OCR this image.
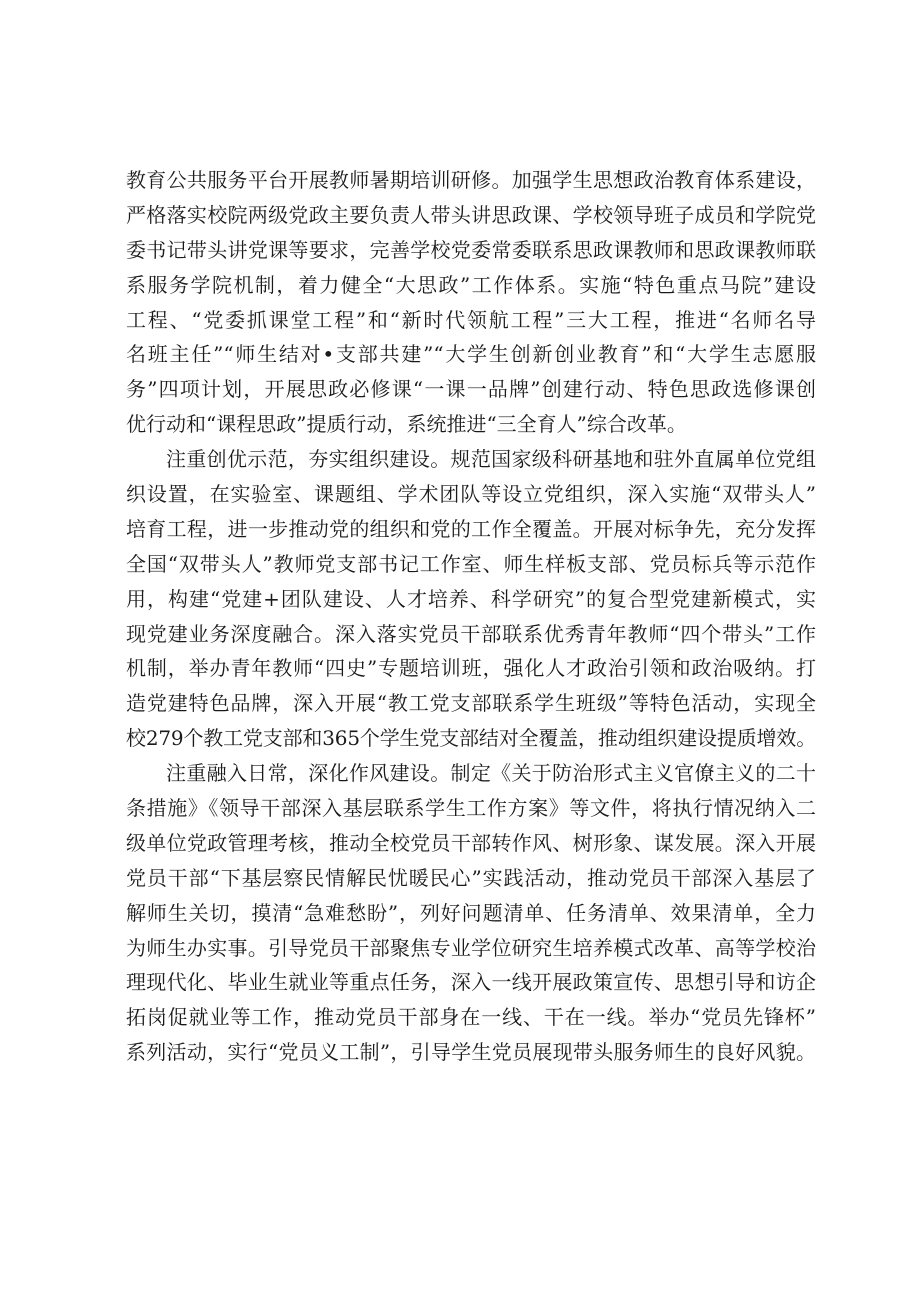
教育公共服务平台开展教师暑期培训研修。加强学生思想政治教育体系建设，
严格落实校院两级党政主要负责人带头讲思政课、学校领导班子成员和学院党
委书记带头讲党课等要求，完善学校党委常委联系思政课教师和思政课教师联
系服务学院机制，着力健全“大思政”工作体系。实施“特色重点马院”建设
工程、“党委抓课堂工程”和“新时代领航工程”三大工程，推进“名师名导
名班主任”“师生结对•支部共建”“大学生创新创业教育”和“大学生志愿服
务”四项计划，开展思政必修课“一课一品牌”创建行动、特色思政选修课创
优行动和“课程思政”提质行动，系统推进“三全育人”综合改革。
注重创优示范，夯实组织建设。规范国家级科研基地和驻外直属单位党组
织设置，在实验室、课题组、学术团队等设立党组织，深入实施“双带头人”
培育工程，进一步推动党的组织和党的工作全覆盖。开展对标争先，充分发挥
全国“双带头人”教师党支部书记工作室、师生样板支部、党员标兵等示范作
用，构建“党建+团队建设、人才培养、科学研究”的复合型党建新模式，实
现党建业务深度融合。深入落实党员干部联系优秀青年教师“四个带头”工作
机制，举办青年教师“四史”专题培训班，强化人才政治引领和政治吸纳。打
造党建特色品牌，深入开展“教工党支部联系学生班级”等特色活动，实现全
校279个教工党支部和365个学生党支部结对全覆盖，推动组织建设提质增效。
注重融入日常，深化作风建设。制定《关于防治形式主义官僚主义的二十
条措施》《领导干部深入基层联系学生工作方案》等文件，将执行情况纳入二
级单位党政管理考核，推动全校党员干部转作风、树形象、谋发展。深入开展
党员干部“下基层察民情解民忧暖民心”实践活动，推动党员干部深入基层了
解师生关切，摸清“急难愁盼”，列好问题清单、任务清单、效果清单，全力
为师生办实事。引导党员干部聚焦专业学位研究生培养模式改革、高等学校治
理现代化、毕业生就业等重点任务，深入一线开展政策宣传、思想引导和访企
拓岗促就业等工作，推动党员干部身在一线、干在一线。举办“党员先锋杯”
系列活动，实行“党员义工制”，引导学生党员展现带头服务师生的良好风貌。
